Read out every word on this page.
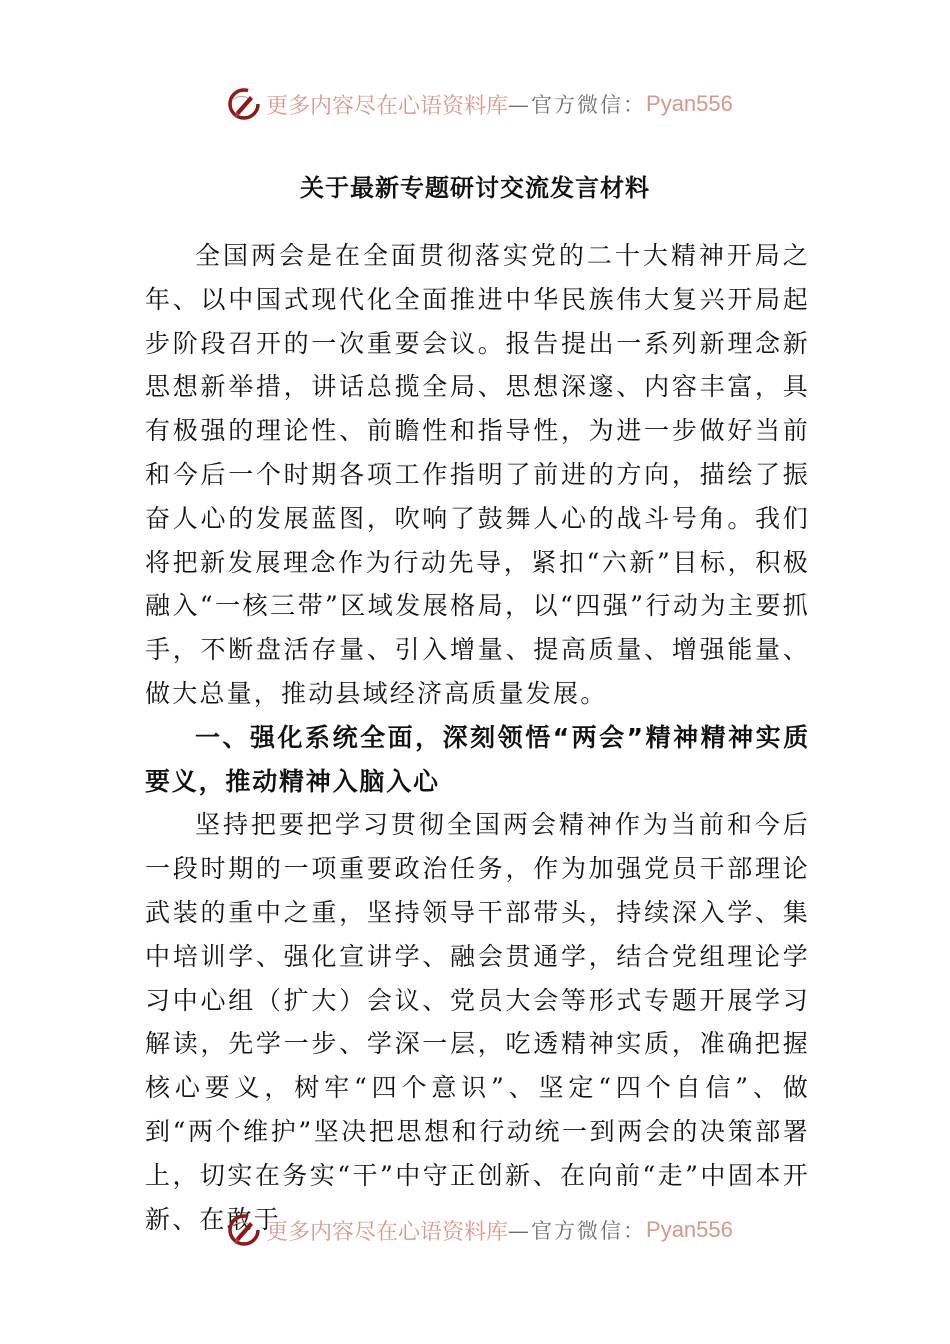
更多内容尽在心语资料库 —官方微信： Pyan556
关于最新专题研讨交流发言材料

全国两会是在全面贯彻落实党的二十大精神开局之年、以中国式现代化全面推进中华民族伟大复兴开局起步阶段召开的一次重要会议。报告提出一系列新理念新思想新举措，讲话总揽全局、思想深邃、内容丰富，具有极强的理论性、前瞻性和指导性，为进一步做好当前和今后一个时期各项工作指明了前进的方向，描绘了振奋人心的发展蓝图，吹响了鼓舞人心的战斗号角。我们将把新发展理念作为行动先导，紧扣“六新”目标，积极融入“一核三带”区域发展格局，以“四强”行动为主要抓手，不断盘活存量、引入增量、提高质量、增强能量、做大总量，推动县域经济高质量发展。

一、强化系统全面，深刻领悟“两会”精神精神实质要义，推动精神入脑入心

坚持把要把学习贯彻全国两会精神作为当前和今后一段时期的一项重要政治任务，作为加强党员干部理论武装的重中之重，坚持领导干部带头，持续深入学、集中培训学、强化宣讲学、融会贯通学，结合党组理论学习中心组（扩大）会议、党员大会等形式专题开展学习解读，先学一步、学深一层，吃透精神实质，准确把握核心要义，树牢“四个意识”、坚定“四个自信”、做到“两个维护”坚决把思想和行动统一到两会的决策部署上，切实在务实“干”中守正创新、在向前“走”中固本开新、在敢于

更多内容尽在心语资料库 —官方微信： Pyan556
